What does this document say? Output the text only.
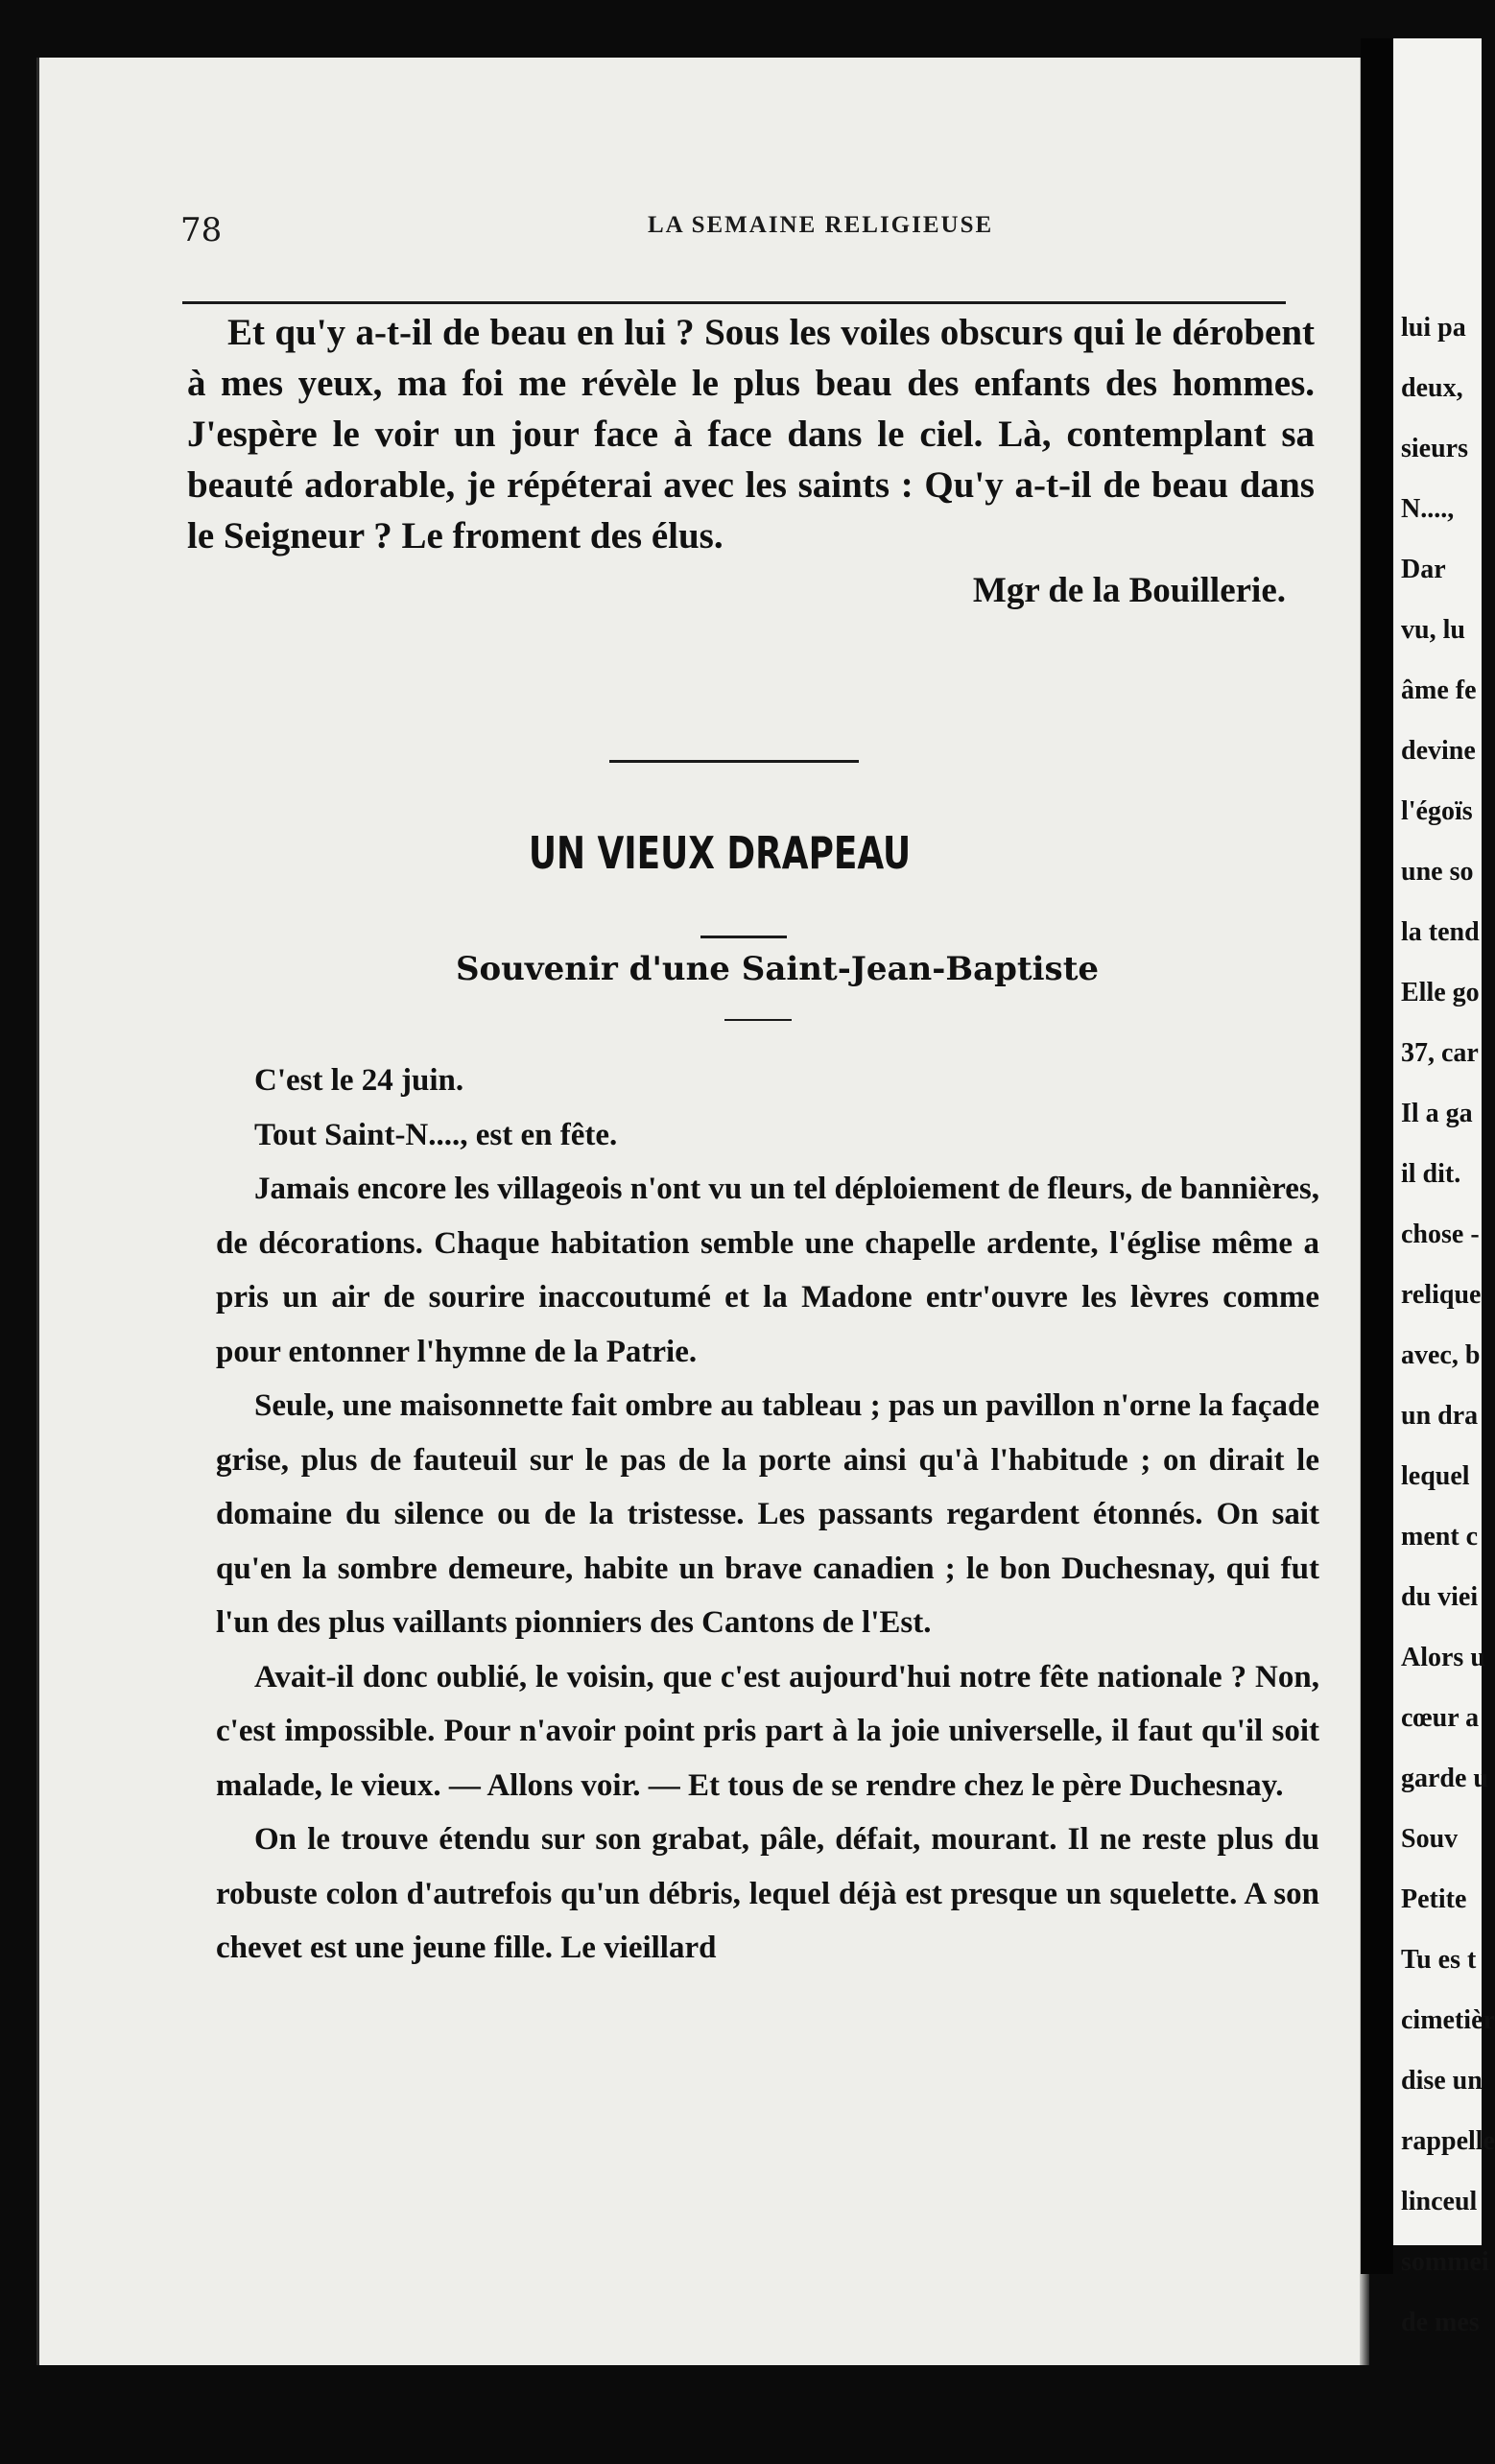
lui pa
deux,
sieurs
N....,
Dar
vu, lu
âme fe
devine
l'égoïs
une so
la tend
Elle go
37, car
Il a ga
il dit.
chose -
relique
avec, b
un dra
lequel
ment c
du viei
Alors u
cœur a
garde u
Souv
Petite
Tu es t
cimetièr
dise un
rappelle
linceul
sommei
de mes
78	LA SEMAINE RELIGIEUSE

Et qu'y a-t-il de beau en lui ? Sous les voiles obscurs qui le dérobent à mes yeux, ma foi me révèle le plus beau des enfants des hommes. J'espère le voir un jour face à face dans le ciel. Là, contemplant sa beauté adorable, je répéterai avec les saints : Qu'y a-t-il de beau dans le Seigneur ? Le froment des élus.

Mgr de la Bouillerie.
UN VIEUX DRAPEAU
Souvenir d'une Saint-Jean-Baptiste

C'est le 24 juin.

Tout Saint-N...., est en fête.

Jamais encore les villageois n'ont vu un tel déploiement de fleurs, de bannières, de décorations. Chaque habitation semble une chapelle ardente, l'église même a pris un air de sourire inaccoutumé et la Madone entr'ouvre les lèvres comme pour entonner l'hymne de la Patrie.

Seule, une maisonnette fait ombre au tableau ; pas un pavillon n'orne la façade grise, plus de fauteuil sur le pas de la porte ainsi qu'à l'habitude ; on dirait le domaine du silence ou de la tristesse. Les passants regardent étonnés. On sait qu'en la sombre demeure, habite un brave canadien ; le bon Duchesnay, qui fut l'un des plus vaillants pionniers des Cantons de l'Est.

Avait-il donc oublié, le voisin, que c'est aujourd'hui notre fête nationale ? Non, c'est impossible. Pour n'avoir point pris part à la joie universelle, il faut qu'il soit malade, le vieux. — Allons voir. — Et tous de se rendre chez le père Duchesnay.

On le trouve étendu sur son grabat, pâle, défait, mourant. Il ne reste plus du robuste colon d'autrefois qu'un débris, lequel déjà est presque un squelette. A son chevet est une jeune fille. Le vieillard
